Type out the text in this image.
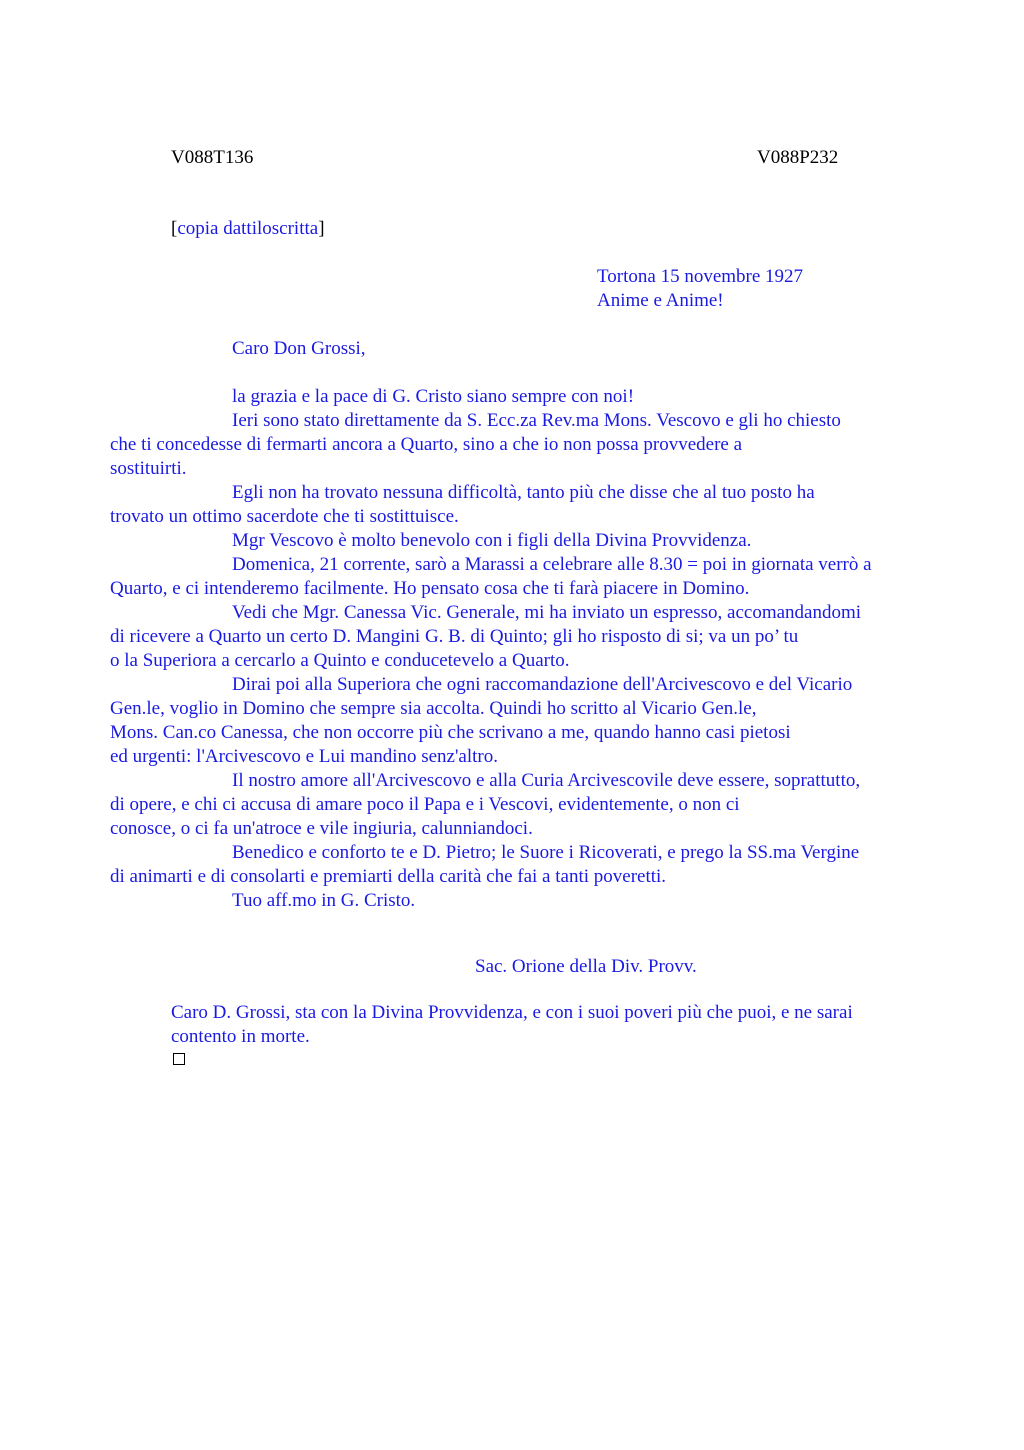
V088T136	V088P232
[copia dattiloscritta]
Tortona 15 novembre 1927
Anime e Anime!
Caro Don Grossi,

la grazia e la pace di G. Cristo siano sempre con noi!

Ieri sono stato direttamente da S. Ecc.za Rev.ma Mons. Vescovo e gli ho chiesto
che ti concedesse di fermarti ancora a Quarto, sino a che io non possa provvedere a
sostituirti.

Egli non ha trovato nessuna difficoltà, tanto più che disse che al tuo posto ha
trovato un ottimo sacerdote che ti sostittuisce.

Mgr Vescovo è molto benevolo con i figli della Divina Provvidenza.

Domenica, 21 corrente, sarò a Marassi a celebrare alle 8.30 = poi in giornata verrò a
Quarto, e ci intenderemo facilmente. Ho pensato cosa che ti farà piacere in Domino.

Vedi che Mgr. Canessa Vic. Generale, mi ha inviato un espresso, accomandandomi
di ricevere a Quarto un certo D. Mangini G. B. di Quinto; gli ho risposto di si; va un po’ tu
o la Superiora a cercarlo a Quinto e conducetevelo a Quarto.

Dirai poi alla Superiora che ogni raccomandazione dell'Arcivescovo e del Vicario
Gen.le, voglio in Domino che sempre sia accolta. Quindi ho scritto al Vicario Gen.le,
Mons. Can.co Canessa, che non occorre più che scrivano a me, quando hanno casi pietosi
ed urgenti: l'Arcivescovo e Lui mandino senz'altro.

Il nostro amore all'Arcivescovo e alla Curia Arcivescovile deve essere, soprattutto,
di opere, e chi ci accusa di amare poco il Papa e i Vescovi, evidentemente, o non ci
conosce, o ci fa un'atroce e vile ingiuria, calunniandoci.

Benedico e conforto te e D. Pietro; le Suore i Ricoverati, e prego la SS.ma Vergine
di animarti e di consolarti e premiarti della carità che fai a tanti poveretti.

Tuo aff.mo in G. Cristo.

Sac. Orione della Div. Provv.
Caro D. Grossi, sta con la Divina Provvidenza, e con i suoi poveri più che puoi, e ne sarai
contento in morte.
